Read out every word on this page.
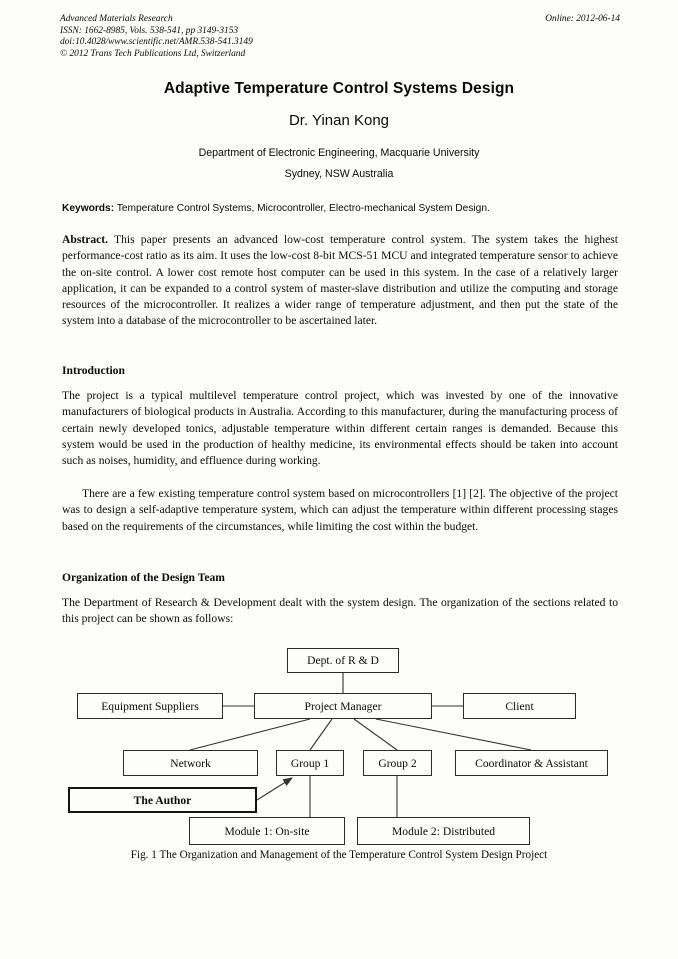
Online: 2012-06-14
Advanced Materials Research
ISSN: 1662-8985, Vols. 538-541, pp 3149-3153
doi:10.4028/www.scientific.net/AMR.538-541.3149
© 2012 Trans Tech Publications Ltd, Switzerland
Adaptive Temperature Control Systems Design
Dr. Yinan Kong
Department of Electronic Engineering, Macquarie University
Sydney, NSW Australia
Keywords: Temperature Control Systems, Microcontroller, Electro-mechanical System Design.
Abstract. This paper presents an advanced low-cost temperature control system. The system takes the highest performance-cost ratio as its aim. It uses the low-cost 8-bit MCS-51 MCU and integrated temperature sensor to achieve the on-site control. A lower cost remote host computer can be used in this system. In the case of a relatively larger application, it can be expanded to a control system of master-slave distribution and utilize the computing and storage resources of the microcontroller. It realizes a wider range of temperature adjustment, and then put the state of the system into a database of the microcontroller to be ascertained later.
Introduction
The project is a typical multilevel temperature control project, which was invested by one of the innovative manufacturers of biological products in Australia. According to this manufacturer, during the manufacturing process of certain newly developed tonics, adjustable temperature within different certain ranges is demanded. Because this system would be used in the production of healthy medicine, its environmental effects should be taken into account such as noises, humidity, and effluence during working.
There are a few existing temperature control system based on microcontrollers [1] [2]. The objective of the project was to design a self-adaptive temperature system, which can adjust the temperature within different processing stages based on the requirements of the circumstances, while limiting the cost within the budget.
Organization of the Design Team
The Department of Research & Development dealt with the system design. The organization of the sections related to this project can be shown as follows:
Dept. of R & D
Equipment Suppliers	Project Manager	Client
Network	Group 1	Group 2	Coordinator & Assistant
The Author
Module 1: On-site	Module 2: Distributed
Fig. 1 The Organization and Management of the Temperature Control System Design Project
